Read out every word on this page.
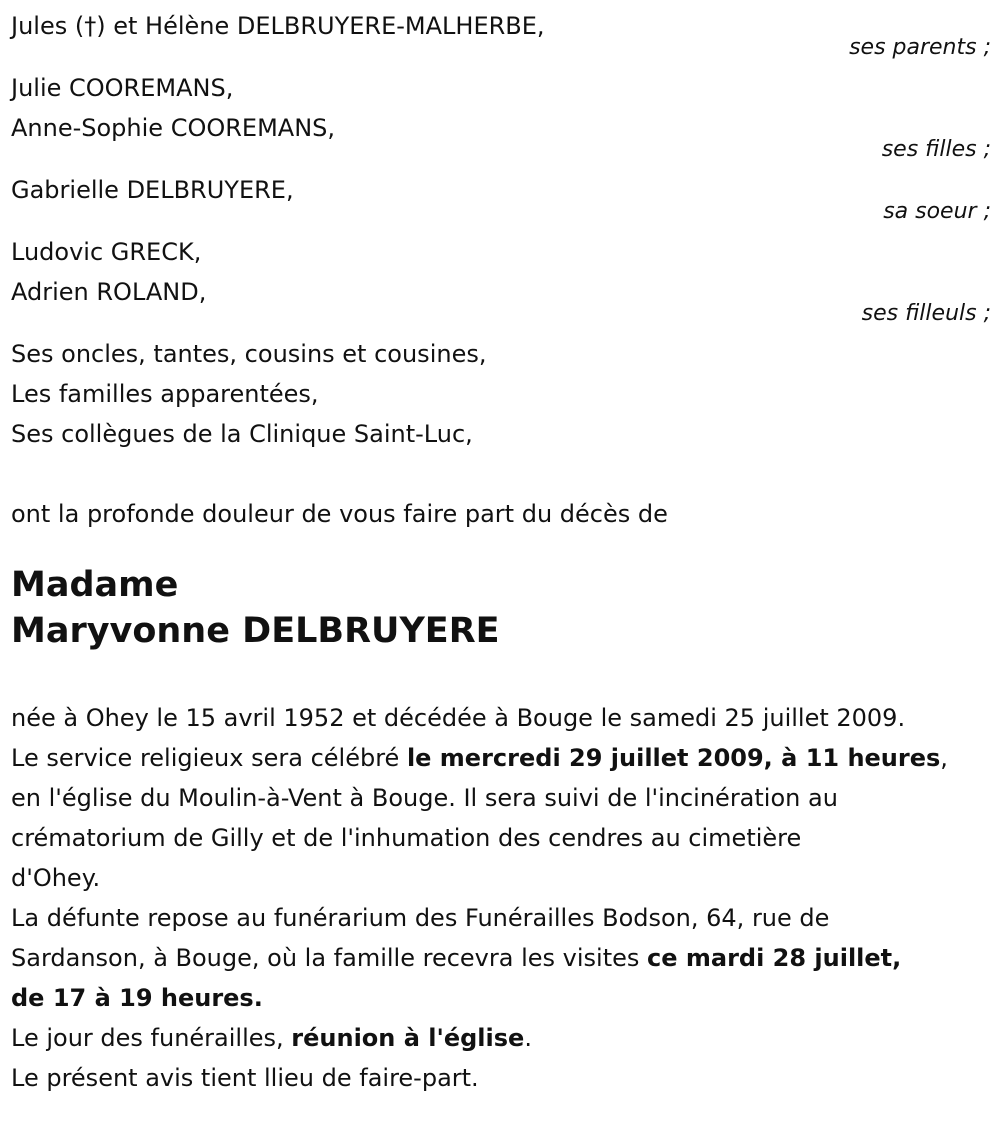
Jules (†) et Hélène DELBRUYERE-MALHERBE,
ses parents ;
Julie COOREMANS,
Anne-Sophie COOREMANS,
ses filles ;
Gabrielle DELBRUYERE,
sa soeur ;
Ludovic GRECK,
Adrien ROLAND,
ses filleuls ;
Ses oncles, tantes, cousins et cousines,
Les familles apparentées,
Ses collègues de la Clinique Saint-Luc,
ont la profonde douleur de vous faire part du décès de
Madame
Maryvonne DELBRUYERE
née à Ohey le 15 avril 1952 et décédée à Bouge le samedi 25 juillet 2009.
Le service religieux sera célébré le mercredi 29 juillet 2009, à 11 heures,
en l'église du Moulin-à-Vent à Bouge. Il sera suivi de l'incinération au
crématorium de Gilly et de l'inhumation des cendres au cimetière
d'Ohey.
La défunte repose au funérarium des Funérailles Bodson, 64, rue de
Sardanson, à Bouge, où la famille recevra les visites ce mardi 28 juillet,
de 17 à 19 heures.
Le jour des funérailles, réunion à l'église.
Le présent avis tient llieu de faire-part.
